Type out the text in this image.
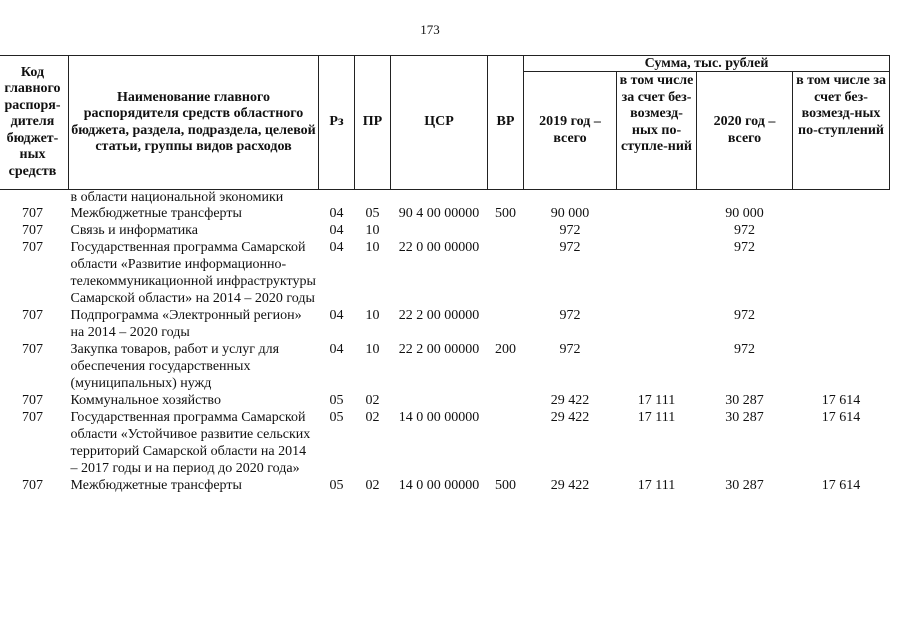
173
Код главного распоря-дителя бюджет-ных средств	Наименование главного распорядителя средств областного бюджета, раздела, подраздела, целевой статьи, группы видов расходов	Рз	ПР	ЦСР	ВР	Сумма, тыс. рублей			
						2019 год – всего	в том числе за счет без-возмезд-ных по-ступле-ний	2020 год – всего	в том числе за счет без-возмезд-ных по-ступлений
	в области национальной экономики								
707	Межбюджетные трансферты	04	05	90 4 00 00000	500	90 000		90 000	
707	Связь и информатика	04	10			972		972	
707	Государственная программа Самарской области «Развитие информационно-телекоммуникационной инфраструктуры Самарской области» на 2014 – 2020 годы	04	10	22 0 00 00000		972		972	
707	Подпрограмма «Электронный регион» на 2014 – 2020 годы	04	10	22 2 00 00000		972		972	
707	Закупка товаров, работ и услуг для обеспечения государственных (муниципальных) нужд	04	10	22 2 00 00000	200	972		972	
707	Коммунальное хозяйство	05	02			29 422	17 111	30 287	17 614
707	Государственная программа Самарской области «Устойчивое развитие сельских территорий Самарской области на 2014 – 2017 годы и на период до 2020 года»	05	02	14 0 00 00000		29 422	17 111	30 287	17 614
707	Межбюджетные трансферты	05	02	14 0 00 00000	500	29 422	17 111	30 287	17 614
